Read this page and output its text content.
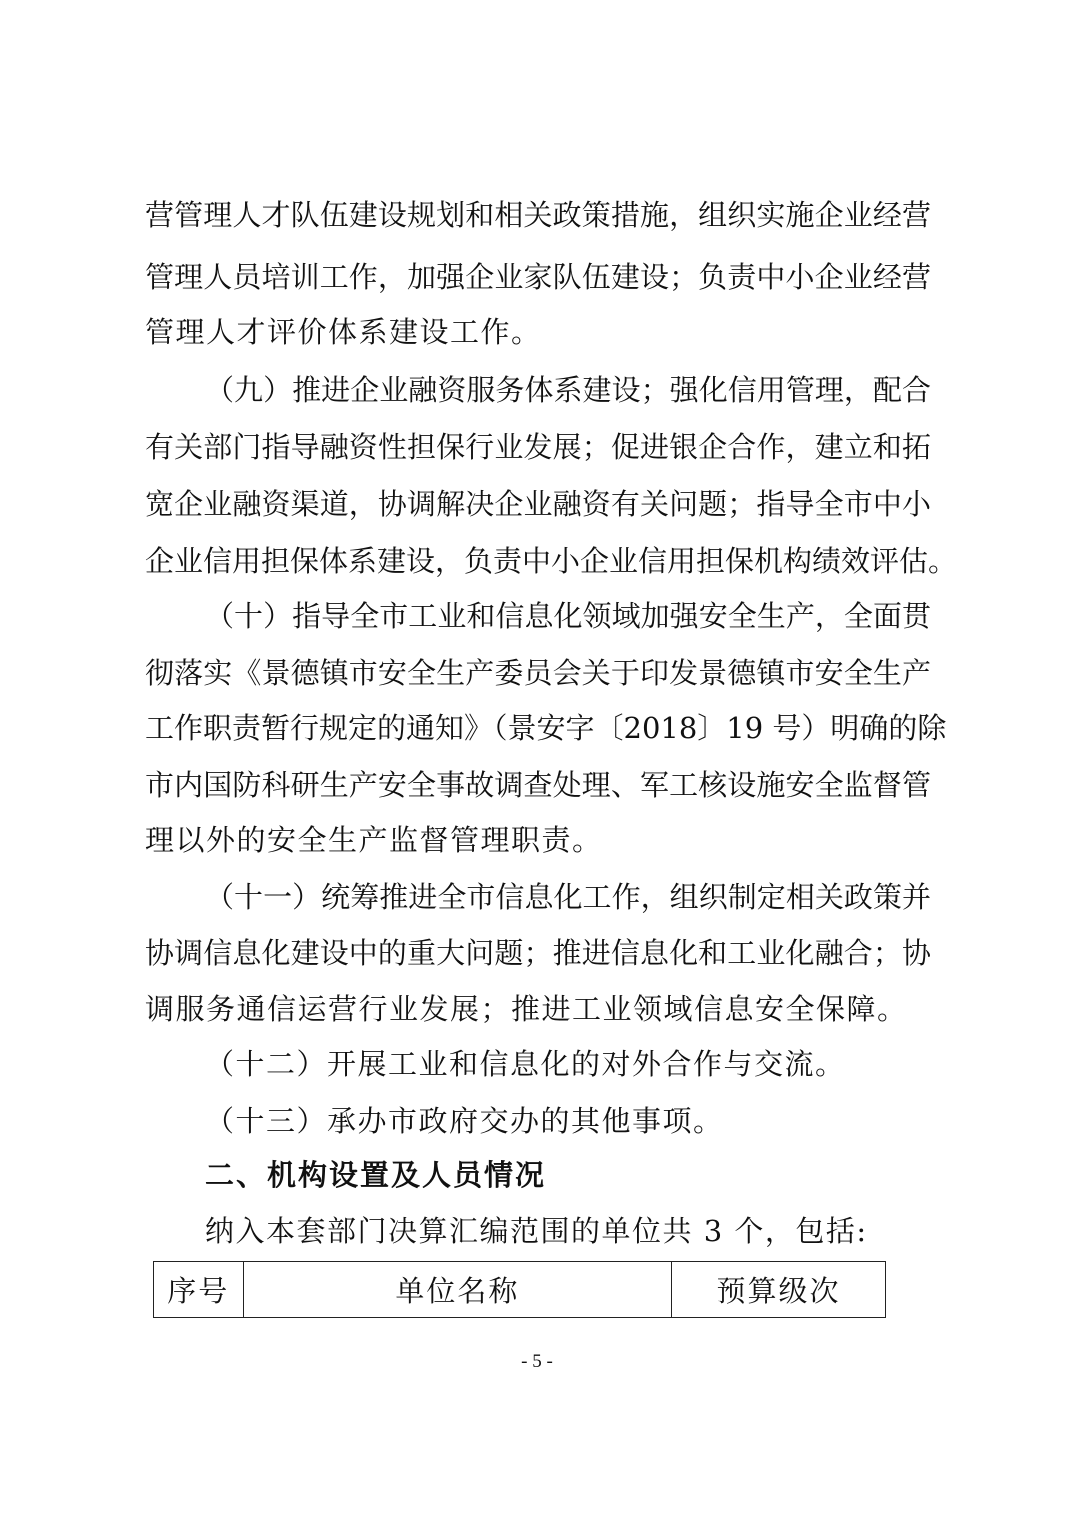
营管理人才队伍建设规划和相关政策措施，组织实施企业经营

管理人员培训工作，加强企业家队伍建设；负责中小企业经营

管理人才评价体系建设工作。

（九）推进企业融资服务体系建设；强化信用管理，配合

有关部门指导融资性担保行业发展；促进银企合作，建立和拓

宽企业融资渠道，协调解决企业融资有关问题；指导全市中小

企业信用担保体系建设，负责中小企业信用担保机构绩效评估。

（十）指导全市工业和信息化领域加强安全生产，全面贯

彻落实《景德镇市安全生产委员会关于印发景德镇市安全生产

工作职责暂行规定的通知》（景安字〔2018〕19 号）明确的除

市内国防科研生产安全事故调查处理、军工核设施安全监督管

理以外的安全生产监督管理职责。

（十一）统筹推进全市信息化工作，组织制定相关政策并

协调信息化建设中的重大问题；推进信息化和工业化融合；协

调服务通信运营行业发展；推进工业领域信息安全保障。

（十二）开展工业和信息化的对外合作与交流。

（十三）承办市政府交办的其他事项。

二、机构设置及人员情况

纳入本套部门决算汇编范围的单位共 3 个，包括:

序号	单位名称	预算级次
- 5 -
